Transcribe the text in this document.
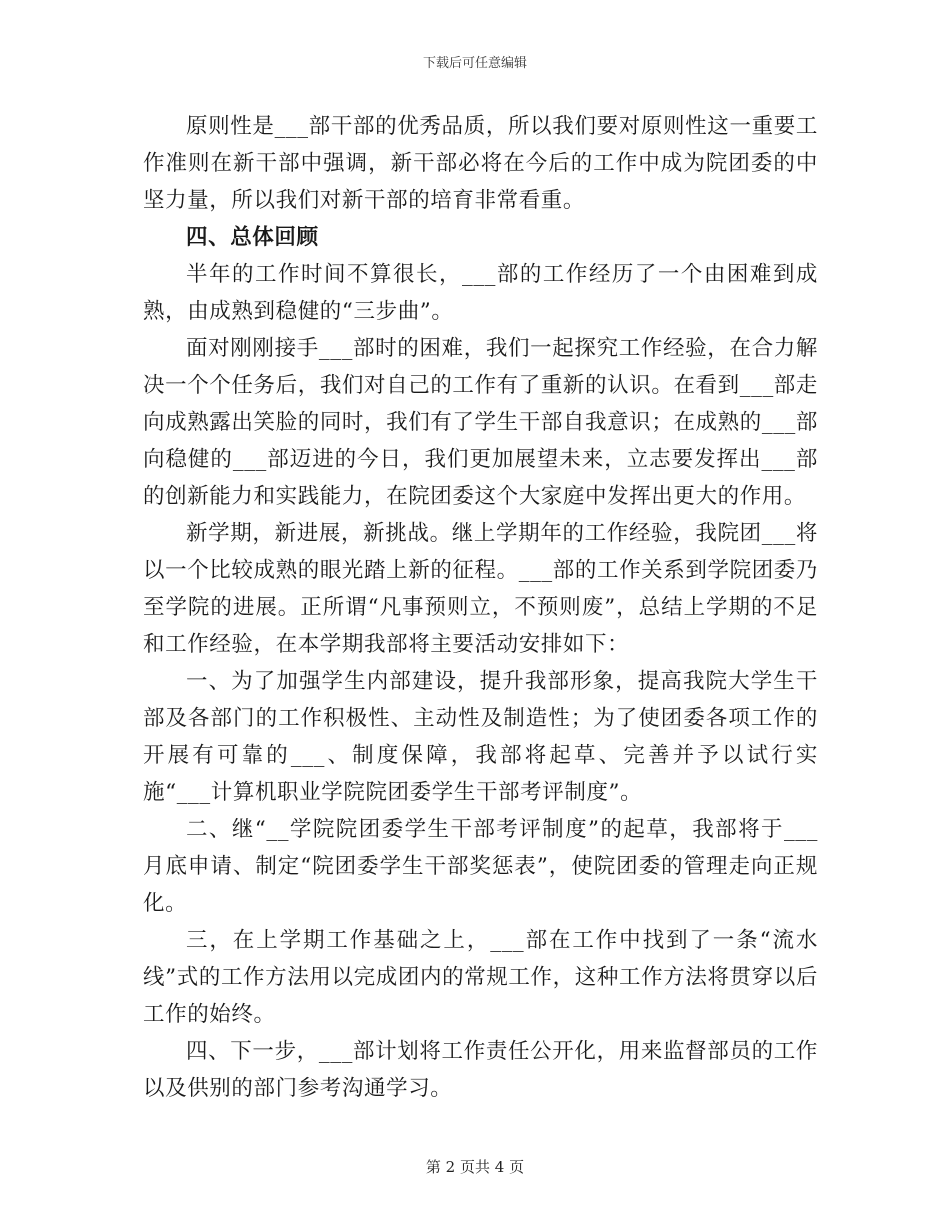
下载后可任意编辑

原则性是___部干部的优秀品质，所以我们要对原则性这一重要工作准则在新干部中强调，新干部必将在今后的工作中成为院团委的中坚力量，所以我们对新干部的培育非常看重。

四、总体回顾

半年的工作时间不算很长，___部的工作经历了一个由困难到成熟，由成熟到稳健的“三步曲”。

面对刚刚接手___部时的困难，我们一起探究工作经验，在合力解决一个个任务后，我们对自己的工作有了重新的认识。在看到___部走向成熟露出笑脸的同时，我们有了学生干部自我意识；在成熟的___部向稳健的___部迈进的今日，我们更加展望未来，立志要发挥出___部的创新能力和实践能力，在院团委这个大家庭中发挥出更大的作用。

新学期，新进展，新挑战。继上学期年的工作经验，我院团___将以一个比较成熟的眼光踏上新的征程。___部的工作关系到学院团委乃至学院的进展。正所谓“凡事预则立，不预则废”，总结上学期的不足和工作经验，在本学期我部将主要活动安排如下：

一、为了加强学生内部建设，提升我部形象，提高我院大学生干部及各部门的工作积极性、主动性及制造性；为了使团委各项工作的开展有可靠的___、制度保障，我部将起草、完善并予以试行实施“___计算机职业学院院团委学生干部考评制度”。

二、继“__学院院团委学生干部考评制度”的起草，我部将于___月底申请、制定“院团委学生干部奖惩表”，使院团委的管理走向正规化。

三，在上学期工作基础之上，___部在工作中找到了一条“流水线”式的工作方法用以完成团内的常规工作，这种工作方法将贯穿以后工作的始终。

四、下一步，___部计划将工作责任公开化，用来监督部员的工作以及供别的部门参考沟通学习。

第 2 页共 4 页
